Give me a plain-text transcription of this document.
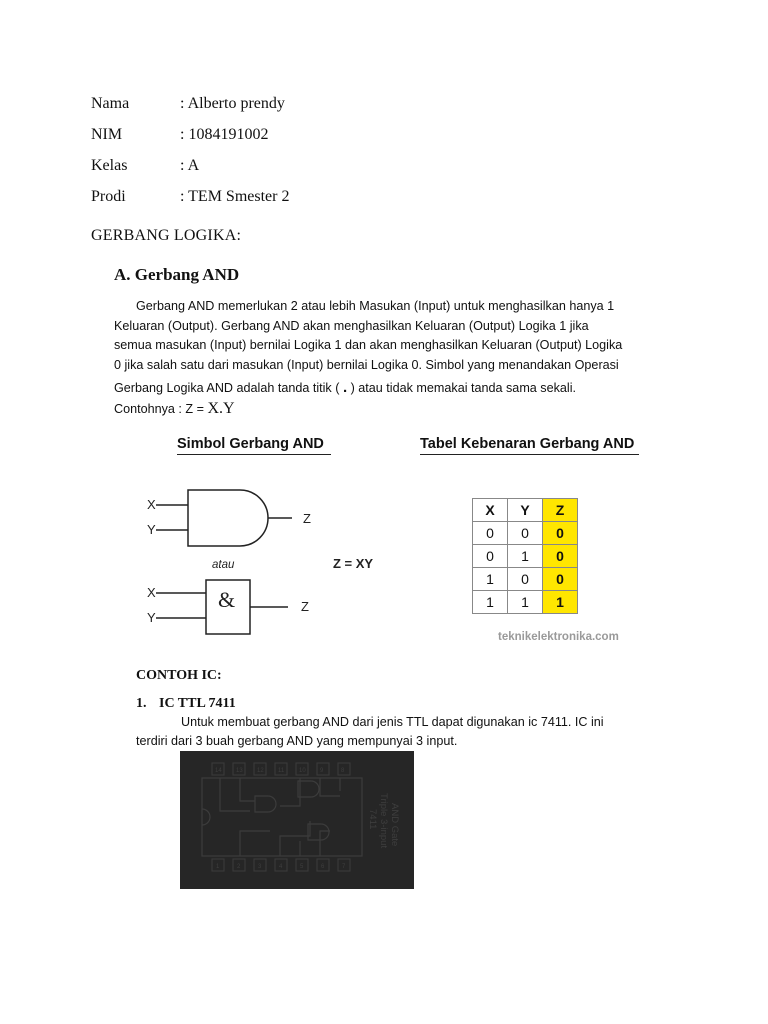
Nama	: Alberto prendy
NIM	: 1084191002
Kelas	: A
Prodi	: TEM Smester 2
GERBANG LOGIKA:
A. Gerbang AND

Gerbang AND memerlukan 2 atau lebih Masukan (Input) untuk menghasilkan hanya 1

Keluaran (Output). Gerbang AND akan menghasilkan Keluaran (Output) Logika 1 jika

semua masukan (Input) bernilai Logika 1 dan akan menghasilkan Keluaran (Output) Logika

0 jika salah satu dari masukan (Input) bernilai Logika 0. Simbol yang menandakan Operasi

Gerbang Logika AND adalah tanda titik ( . ) atau tidak memakai tanda sama sekali.

Contohnya : Z = X.Y

Simbol Gerbang AND	Tabel Kebenaran Gerbang AND
X
Y
Z
atau	Z = XY
X
Y
&	Z
X	Y	Z
0	0	0
0	1	0
1	0	0
1	1	1
teknikelektronika.com
CONTOH IC:
1. IC TTL 7411

Untuk membuat gerbang AND dari jenis TTL dapat digunakan ic 7411. IC ini

terdiri dari 3 buah gerbang AND yang mempunyai 3 input.

14 13 12 11 10 9	8
1	2	3	4	5	6	7
7411 Triple 3-input AND Gate
